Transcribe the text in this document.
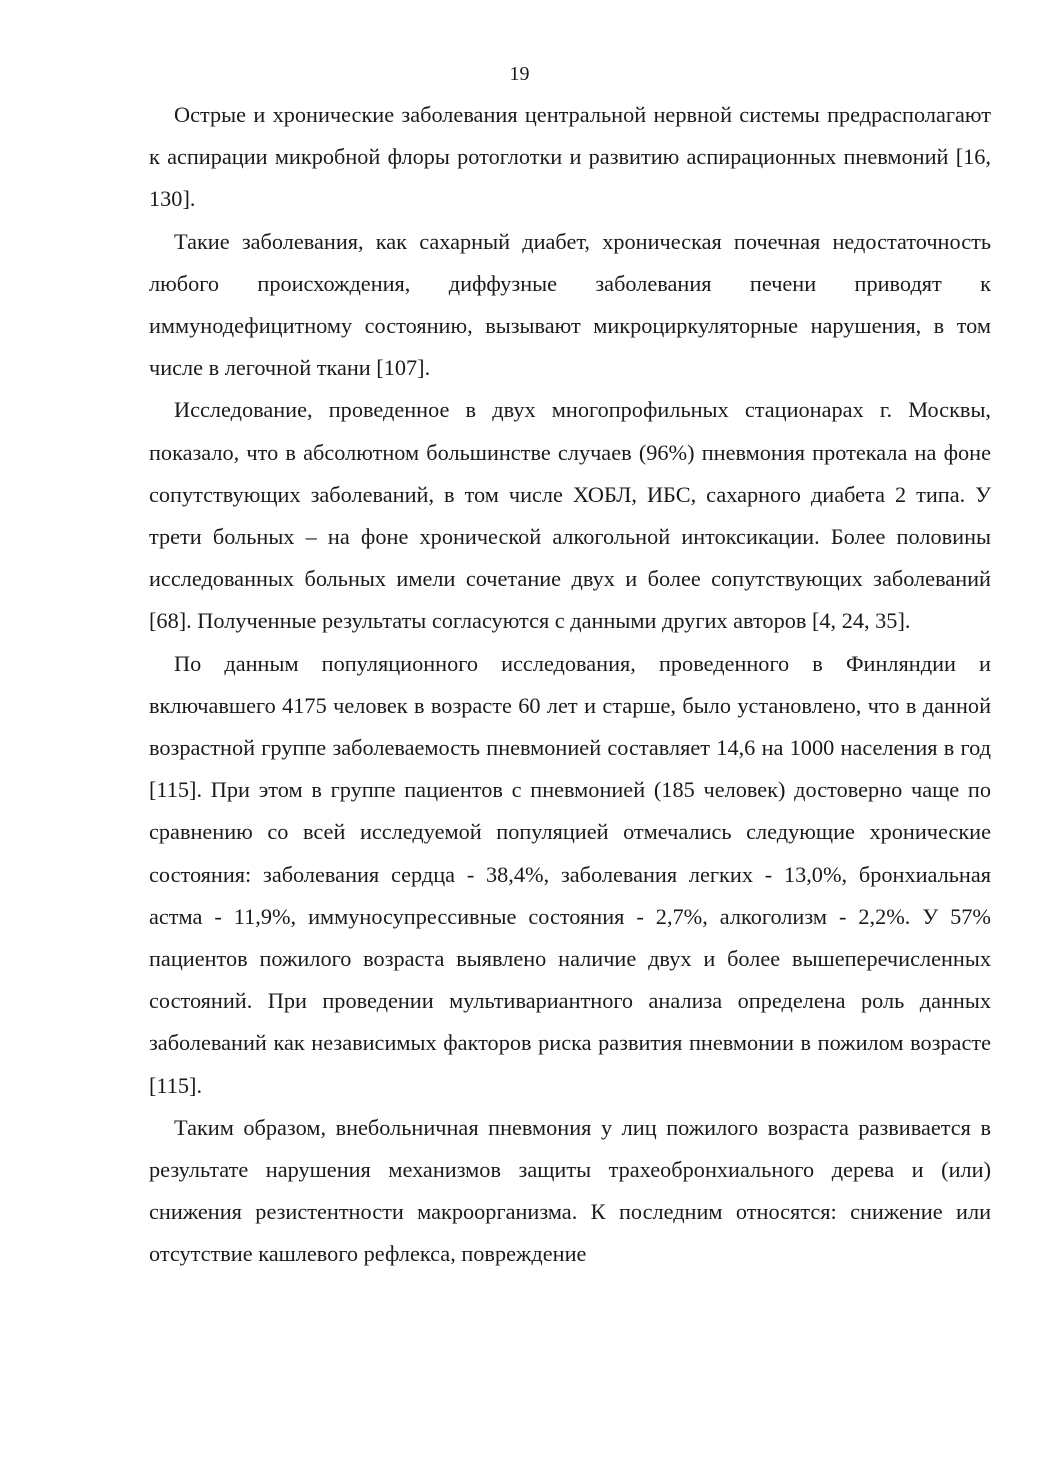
19

Острые и хронические заболевания центральной нервной системы предрасполагают к аспирации микробной флоры ротоглотки и развитию аспирационных пневмоний [16, 130].

Такие заболевания, как сахарный диабет, хроническая почечная недостаточность любого происхождения, диффузные заболевания печени приводят к иммунодефицитному состоянию, вызывают микроциркуляторные нарушения, в том числе в легочной ткани [107].

Исследование, проведенное в двух многопрофильных стационарах г. Москвы, показало, что в абсолютном большинстве случаев (96%) пневмония протекала на фоне сопутствующих заболеваний, в том числе ХОБЛ, ИБС, сахарного диабета 2 типа. У трети больных – на фоне хронической алкогольной интоксикации. Более половины исследованных больных имели сочетание двух и более сопутствующих заболеваний [68]. Полученные результаты согласуются с данными других авторов [4, 24, 35].

По данным популяционного исследования, проведенного в Финляндии и включавшего 4175 человек в возрасте 60 лет и старше, было установлено, что в данной возрастной группе заболеваемость пневмонией составляет 14,6 на 1000 населения в год [115]. При этом в группе пациентов с пневмонией (185 человек) достоверно чаще по сравнению со всей исследуемой популяцией отмечались следующие хронические состояния: заболевания сердца - 38,4%, заболевания легких - 13,0%, бронхиальная астма - 11,9%, иммуносупрессивные состояния - 2,7%, алкоголизм - 2,2%. У 57% пациентов пожилого возраста выявлено наличие двух и более вышеперечисленных состояний. При проведении мультивариантного анализа определена роль данных заболеваний как независимых факторов риска развития пневмонии в пожилом возрасте [115].

Таким образом, внебольничная пневмония у лиц пожилого возраста развивается в результате нарушения механизмов защиты трахеобронхиального дерева и (или) снижения резистентности макроорганизма. К последним относятся: снижение или отсутствие кашлевого рефлекса, повреждение
